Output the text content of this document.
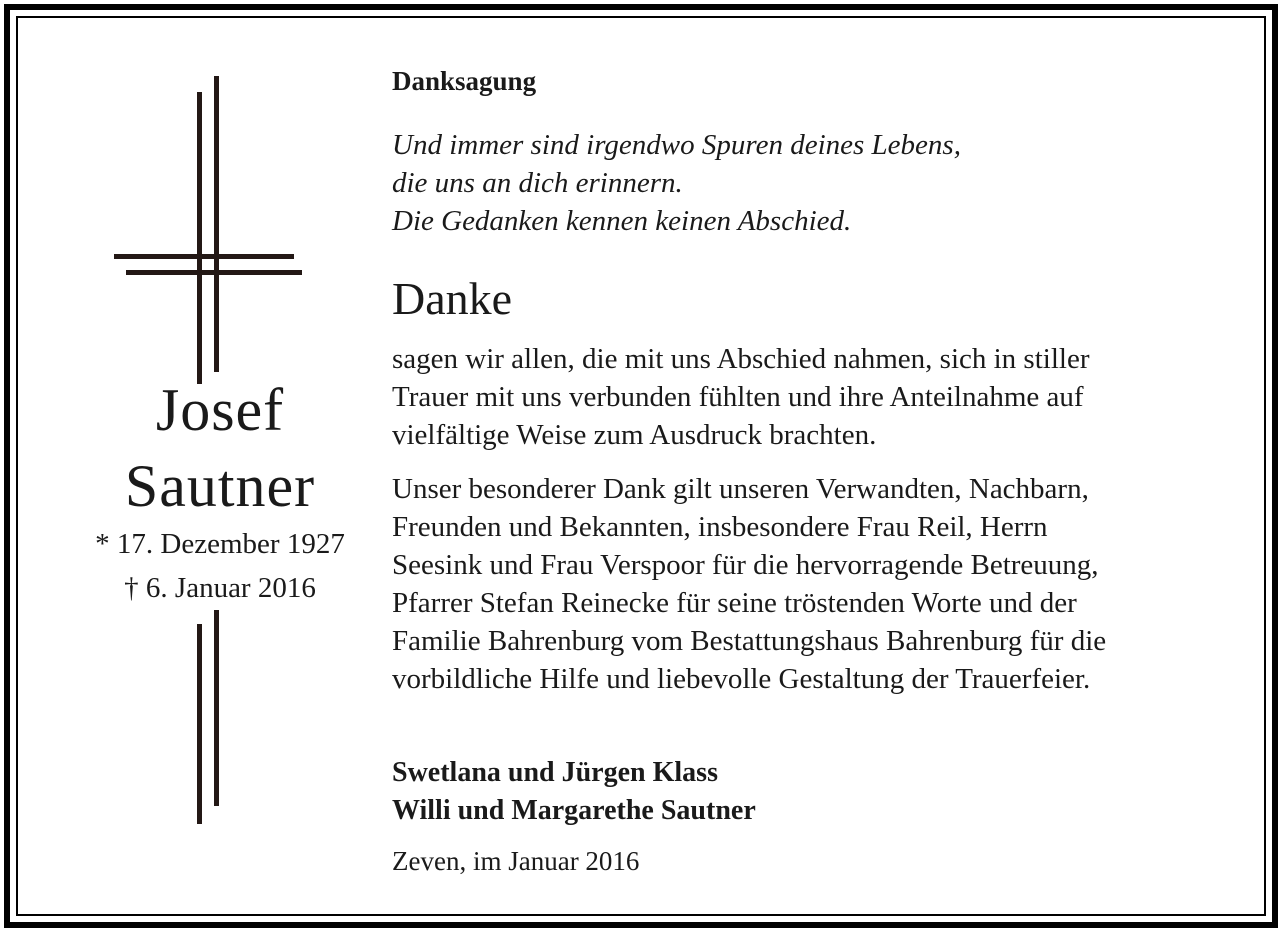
Josef
Sautner
* 17. Dezember 1927
† 6. Januar 2016
Danksagung
Und immer sind irgendwo Spuren deines Lebens,
die uns an dich erinnern.
Die Gedanken kennen keinen Abschied.
Danke
sagen wir allen, die mit uns Abschied nahmen, sich in stiller
Trauer mit uns verbunden fühlten und ihre Anteilnahme auf
vielfältige Weise zum Ausdruck brachten.
Unser besonderer Dank gilt unseren Verwandten, Nachbarn,
Freunden und Bekannten, insbesondere Frau Reil, Herrn
Seesink und Frau Verspoor für die hervorragende Betreuung,
Pfarrer Stefan Reinecke für seine tröstenden Worte und der
Familie Bahrenburg vom Bestattungshaus Bahrenburg für die
vorbildliche Hilfe und liebevolle Gestaltung der Trauerfeier.
Swetlana und Jürgen Klass
Willi und Margarethe Sautner
Zeven, im Januar 2016
